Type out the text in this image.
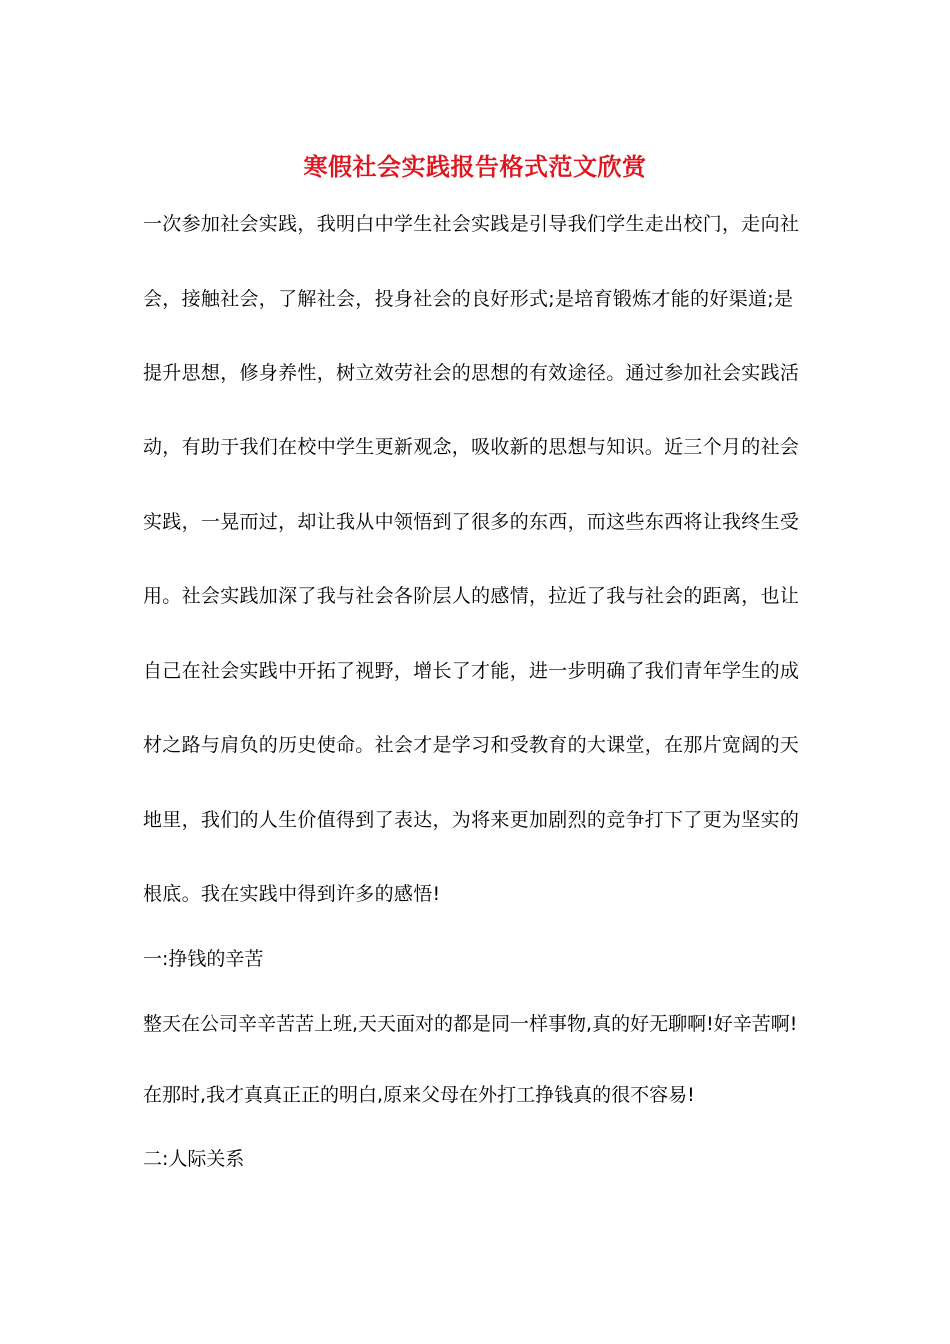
寒假社会实践报告格式范文欣赏
一次参加社会实践，我明白中学生社会实践是引导我们学生走出校门，走向社
会，接触社会，了解社会，投身社会的良好形式;是培育锻炼才能的好渠道;是
提升思想，修身养性，树立效劳社会的思想的有效途径。通过参加社会实践活
动，有助于我们在校中学生更新观念，吸收新的思想与知识。近三个月的社会
实践，一晃而过，却让我从中领悟到了很多的东西，而这些东西将让我终生受
用。社会实践加深了我与社会各阶层人的感情，拉近了我与社会的距离，也让
自己在社会实践中开拓了视野，增长了才能，进一步明确了我们青年学生的成
材之路与肩负的历史使命。社会才是学习和受教育的大课堂，在那片宽阔的天
地里，我们的人生价值得到了表达，为将来更加剧烈的竞争打下了更为坚实的
根底。我在实践中得到许多的感悟!
一:挣钱的辛苦
整天在公司辛辛苦苦上班,天天面对的都是同一样事物,真的好无聊啊!好辛苦啊!
在那时,我才真真正正的明白,原来父母在外打工挣钱真的很不容易!
二:人际关系
